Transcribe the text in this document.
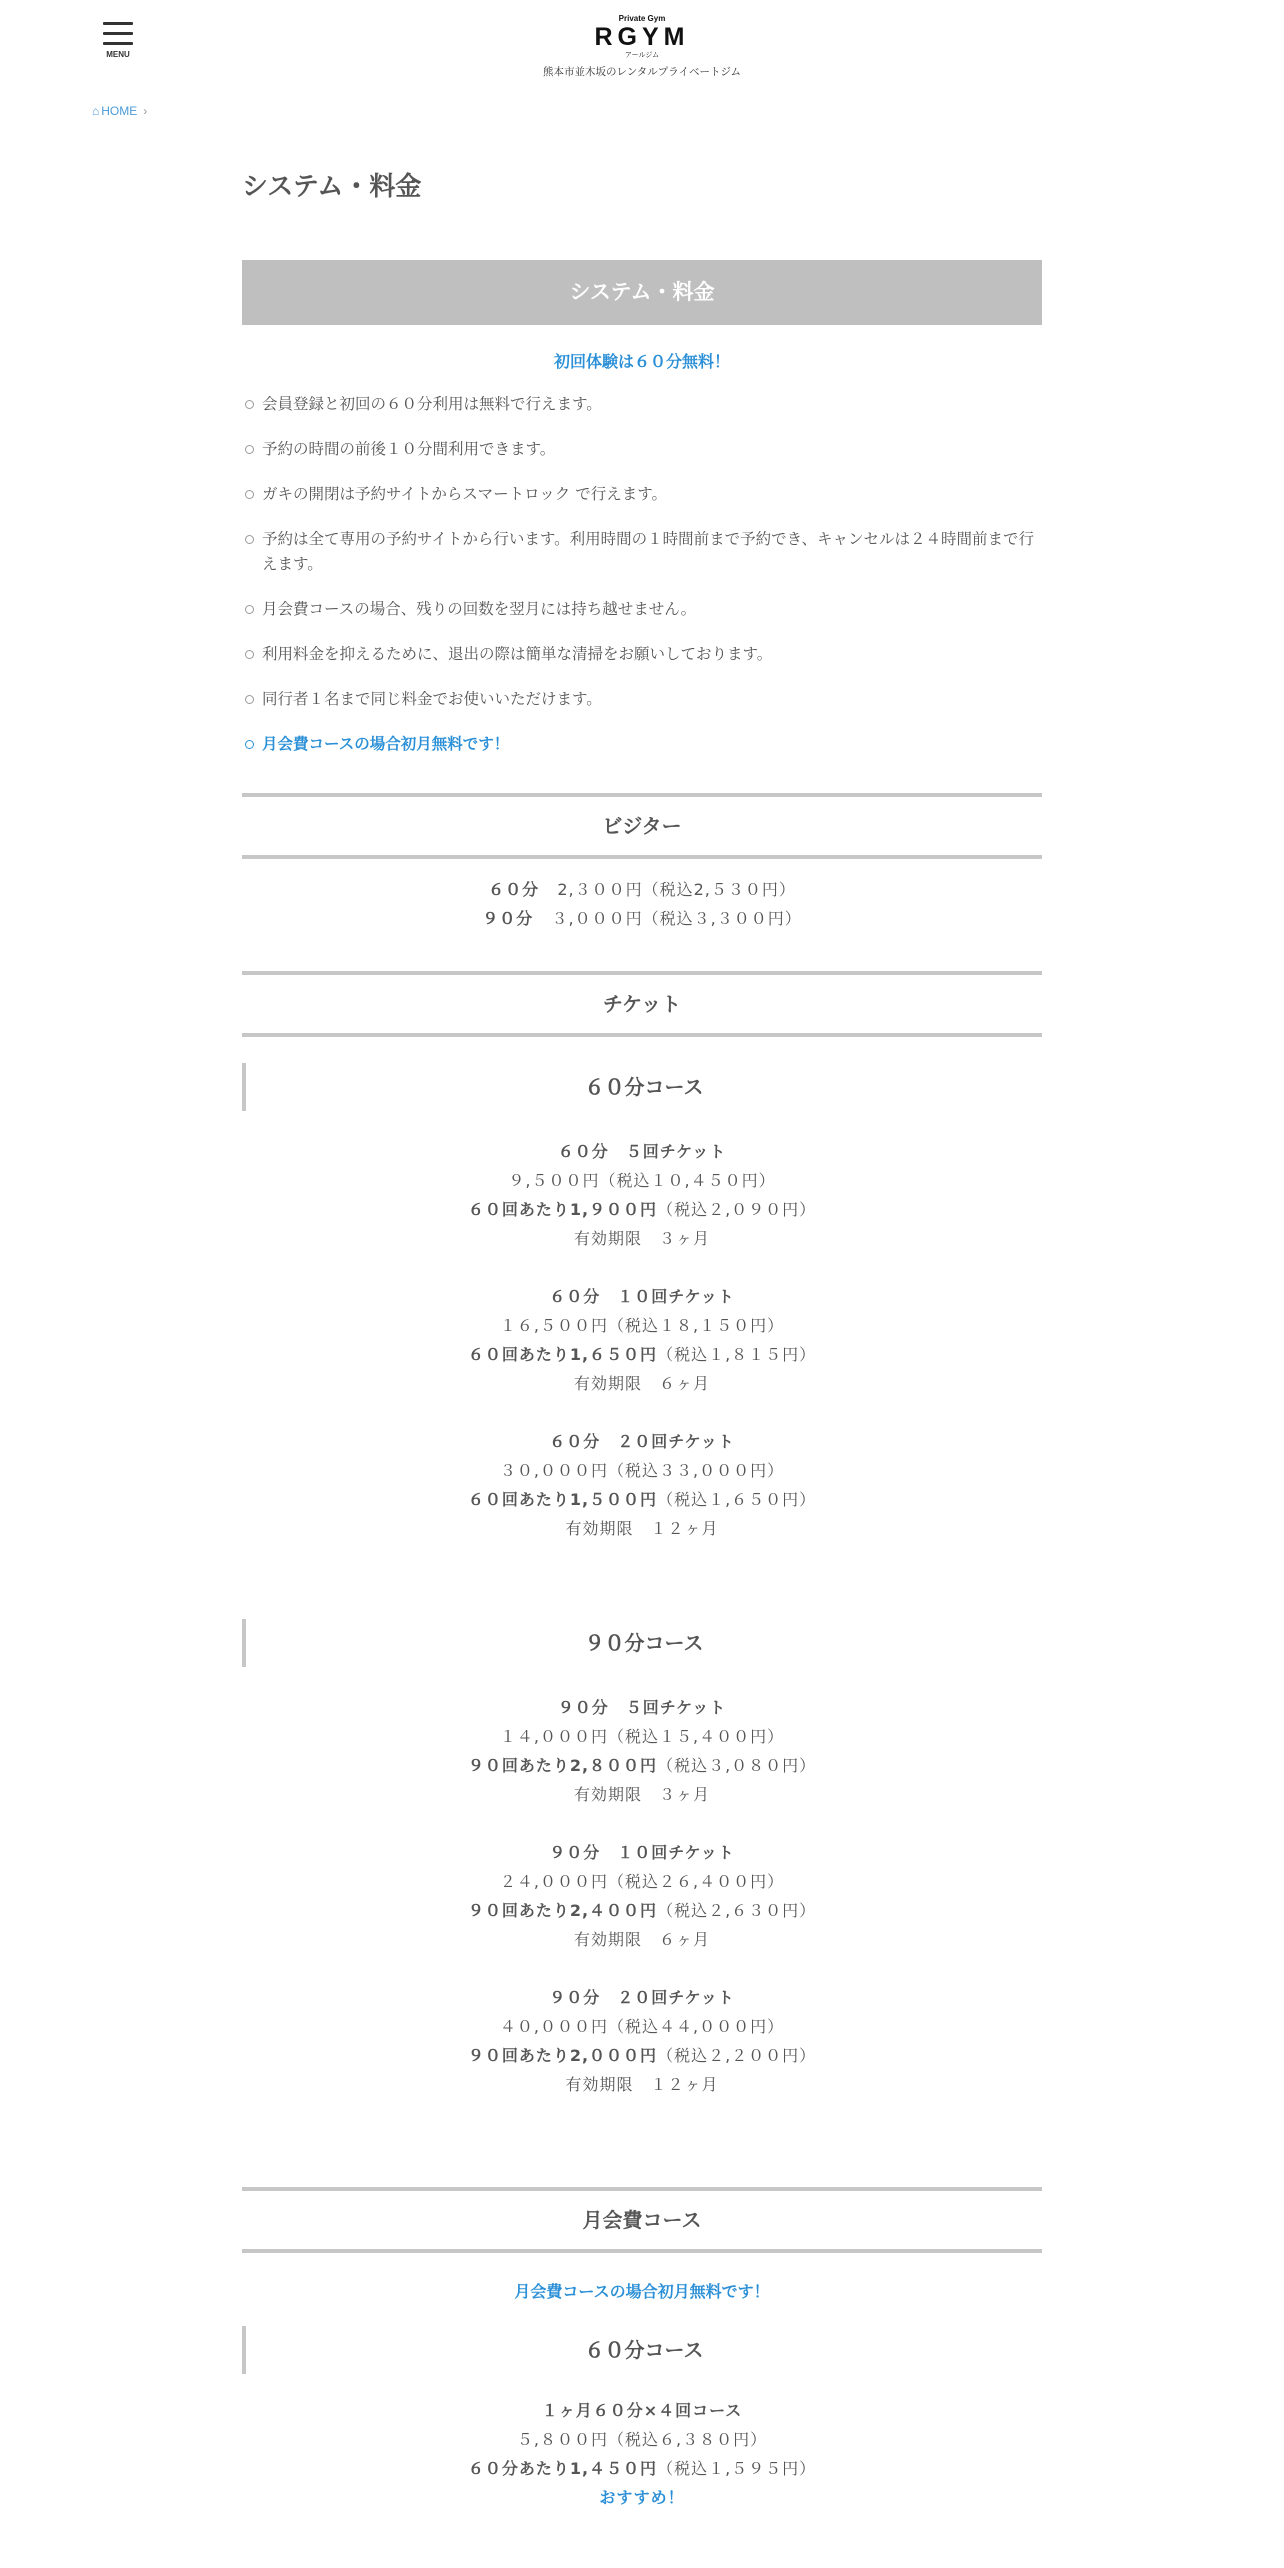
MENU
Private Gym
RGYM
アールジム
熊本市並木坂のレンタルプライベートジム
⌂ HOME ›
システム・料金
システム・料金
初回体験は６０分無料！
会員登録と初回の６０分利用は無料で行えます。
予約の時間の前後１０分間利用できます。
ガキの開閉は予約サイトからスマートロック で行えます。
予約は全て専用の予約サイトから行います。利用時間の１時間前まで予約でき、キャンセルは２４時間前まで行えます。
月会費コースの場合、残りの回数を翌月には持ち越せません。
利用料金を抑えるために、退出の際は簡単な清掃をお願いしております。
同行者１名まで同じ料金でお使いいただけます。
月会費コースの場合初月無料です！
ビジター
６０分 2,３００円（税込2,５３０円）
９０分 ３,０００円（税込３,３００円）
チケット
６０分コース
６０分　５回チケット
９,５００円（税込１０,４５０円）
６０回あたり1,９００円（税込２,０９０円）
有効期限　３ヶ月
６０分　１０回チケット
１６,５００円（税込１８,１５０円）
６０回あたり1,６５０円（税込１,８１５円）
有効期限　６ヶ月
６０分　２０回チケット
３０,０００円（税込３３,０００円）
６０回あたり1,５００円（税込１,６５０円）
有効期限　１２ヶ月
９０分コース
９０分　５回チケット
１４,０００円（税込１５,４００円）
９０回あたり2,８００円（税込３,０８０円）
有効期限　３ヶ月
９０分　１０回チケット
２４,０００円（税込２６,４００円）
９０回あたり2,４００円（税込２,６３０円）
有効期限　６ヶ月
９０分　２０回チケット
４０,０００円（税込４４,０００円）
９０回あたり2,０００円（税込２,２００円）
有効期限　１２ヶ月
月会費コース
月会費コースの場合初月無料です！
６０分コース
１ヶ月６０分×４回コース
５,８００円（税込６,３８０円）
６０分あたり1,４５０円（税込１,５９５円）
おすすめ！
